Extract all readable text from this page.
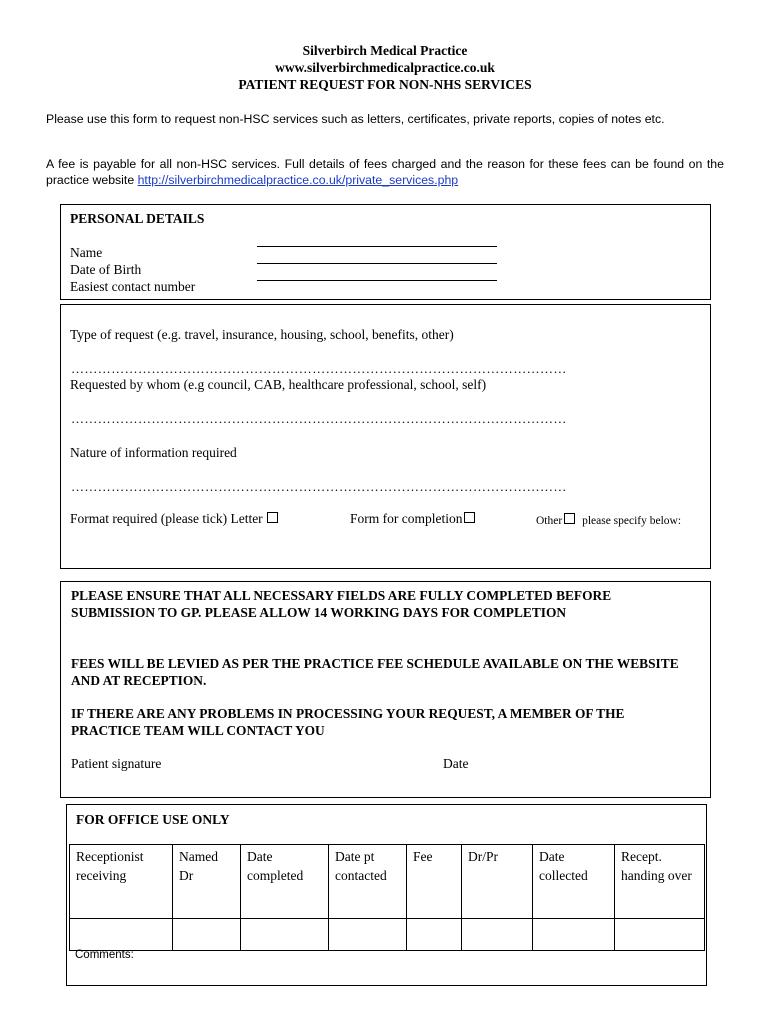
Silverbirch Medical Practice
www.silverbirchmedicalpractice.co.uk
PATIENT REQUEST FOR NON-NHS SERVICES
Please use this form to request non-HSC services such as letters, certificates, private reports, copies of notes etc.
A fee is payable for all non-HSC services. Full details of fees charged and the reason for these fees can be found on the practice website http://silverbirchmedicalpractice.co.uk/private_services.php
PERSONAL DETAILS
Name
Date of Birth
Easiest contact number
Type of request (e.g. travel, insurance, housing, school, benefits, other)
…………………………………………………………………………………………………
Requested by whom (e.g council, CAB, healthcare professional, school, self)
…………………………………………………………………………………………………
Nature of information required
…………………………………………………………………………………………………
Format required (please tick) Letter	Form for completion	Other please specify below:
PLEASE ENSURE THAT ALL NECESSARY FIELDS ARE FULLY COMPLETED BEFORE SUBMISSION TO GP. PLEASE ALLOW 14 WORKING DAYS FOR COMPLETION
FEES WILL BE LEVIED AS PER THE PRACTICE FEE SCHEDULE AVAILABLE ON THE WEBSITE AND AT RECEPTION.
IF THERE ARE ANY PROBLEMS IN PROCESSING YOUR REQUEST, A MEMBER OF THE PRACTICE TEAM WILL CONTACT YOU
Patient signature	Date
FOR OFFICE USE ONLY
Receptionist receiving	Named Dr	Date completed	Date pt contacted	Fee	Dr/Pr	Date collected	Recept. handing over

Comments:
